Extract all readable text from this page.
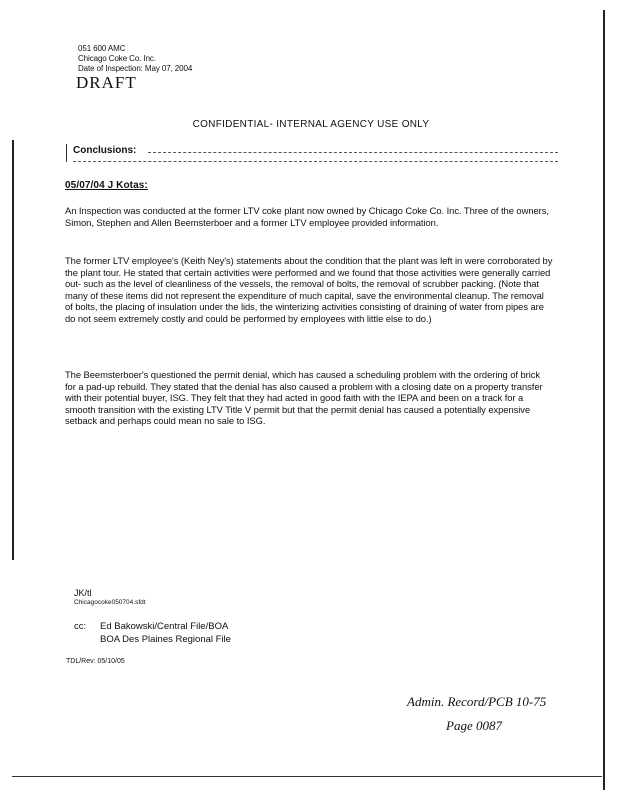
051 600 AMC
Chicago Coke Co. Inc.
Date of Inspection: May 07, 2004
DRAFT
CONFIDENTIAL- INTERNAL AGENCY USE ONLY
Conclusions:
05/07/04 J Kotas:
An Inspection was conducted at the former LTV coke plant now owned by Chicago Coke Co. Inc. Three of the owners, Simon, Stephen and Allen Beemsterboer and a former LTV employee provided information.
The former LTV employee's (Keith Ney's) statements about the condition that the plant was left in were corroborated by the plant tour. He stated that certain activities were performed and we found that those activities were generally carried out- such as the level of cleanliness of the vessels, the removal of bolts, the removal of scrubber packing. (Note that many of these items did not represent the expenditure of much capital, save the environmental cleanup. The removal of bolts, the placing of insulation under the lids, the winterizing activities consisting of draining of water from pipes are do not seem extremely costly and could be performed by employees with little else to do.)
The Beemsterboer's questioned the permit denial, which has caused a scheduling problem with the ordering of brick for a pad-up rebuild. They stated that the denial has also caused a problem with a closing date on a property transfer with their potential buyer, ISG. They felt that they had acted in good faith with the IEPA and been on a track for a smooth transition with the existing LTV Title V permit but that the permit denial has caused a potentially expensive setback and perhaps could mean no sale to ISG.
JK/tl
Chicagocoke050704.sfdt
cc: Ed Bakowski/Central File/BOA
BOA Des Plaines Regional File
TDL/Rev: 05/10/05
Admin. Record/PCB 10-75
Page 0087
